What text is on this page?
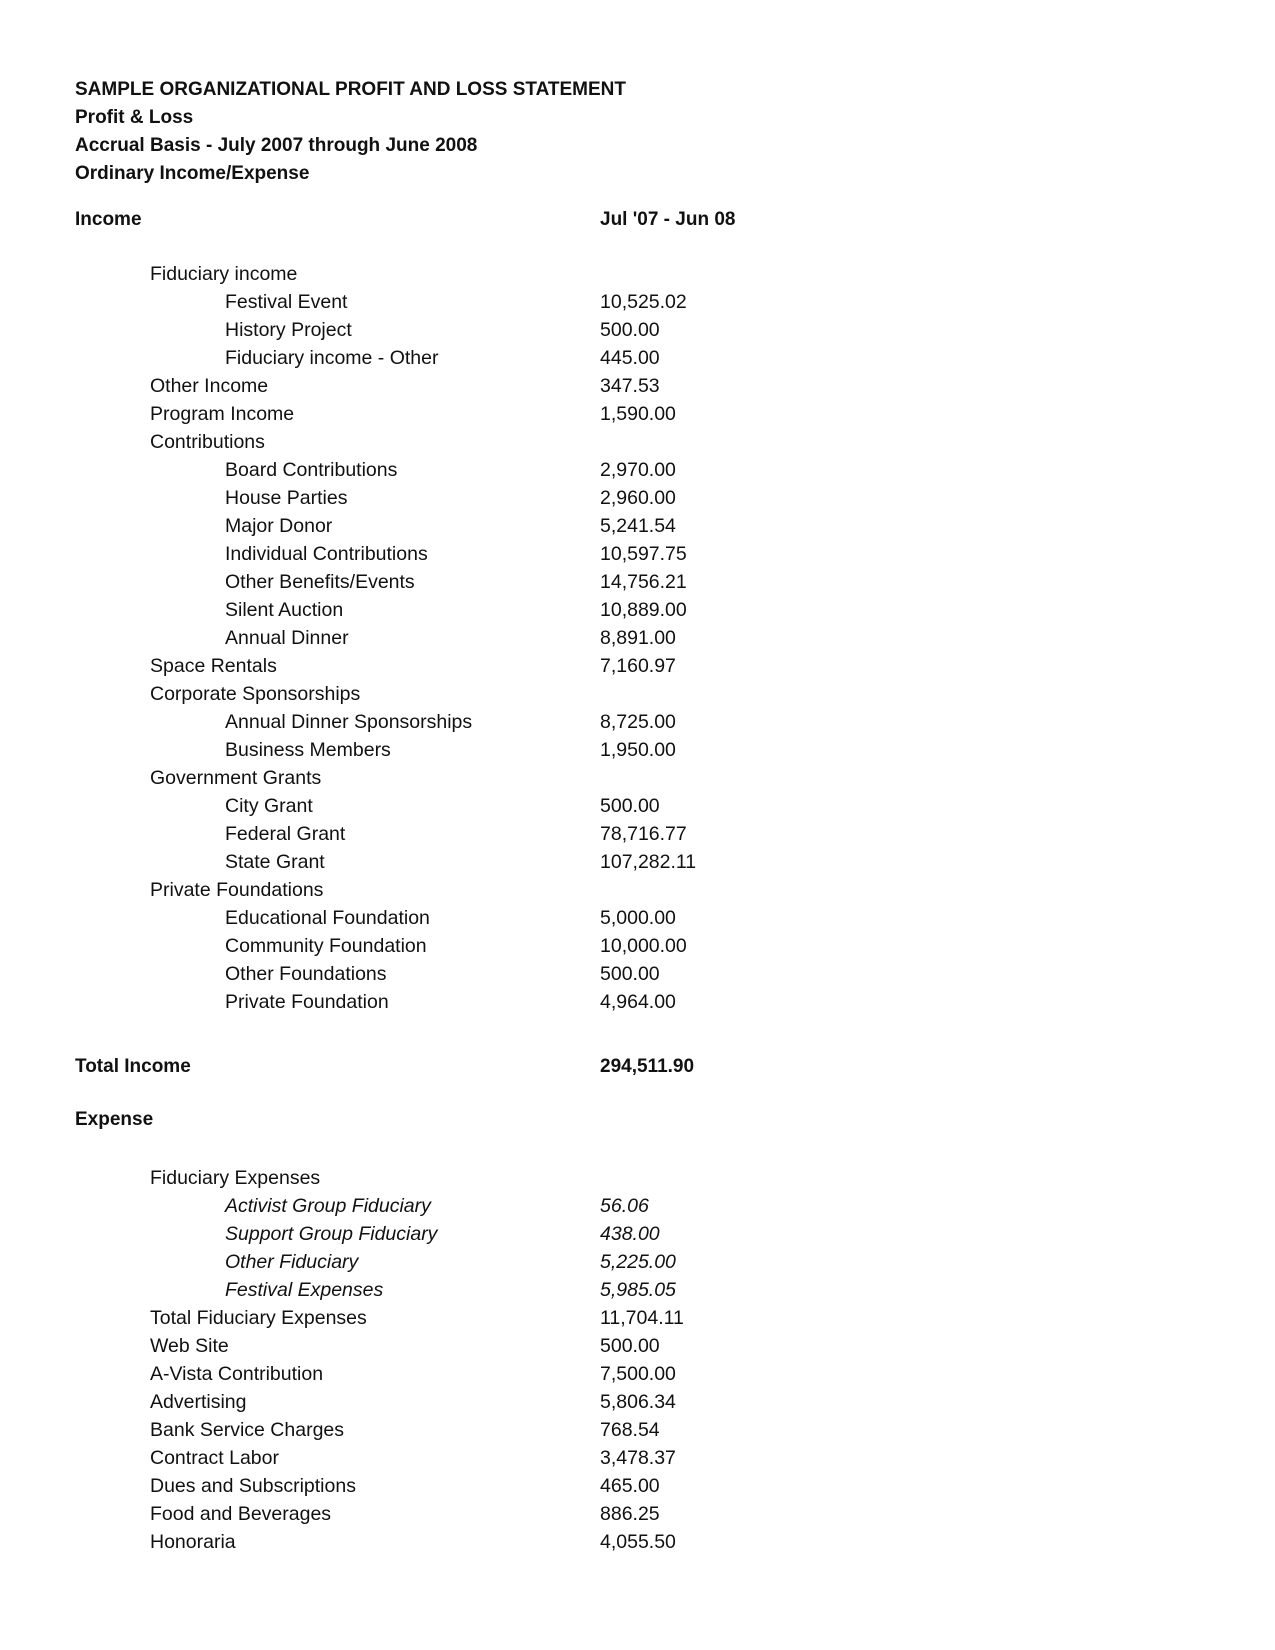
SAMPLE ORGANIZATIONAL PROFIT AND LOSS STATEMENT
Profit & Loss
Accrual Basis - July 2007 through June 2008
Ordinary Income/Expense
Income	Jul '07 - Jun 08
Fiduciary income
Festival Event	10,525.02
History Project	500.00
Fiduciary income - Other	445.00
Other Income	347.53
Program Income	1,590.00
Contributions
Board Contributions	2,970.00
House Parties	2,960.00
Major Donor	5,241.54
Individual Contributions	10,597.75
Other Benefits/Events	14,756.21
Silent Auction	10,889.00
Annual Dinner	8,891.00
Space Rentals	7,160.97
Corporate Sponsorships
Annual Dinner Sponsorships	8,725.00
Business Members	1,950.00
Government Grants
City Grant	500.00
Federal Grant	78,716.77
State Grant	107,282.11
Private Foundations
Educational Foundation	5,000.00
Community Foundation	10,000.00
Other Foundations	500.00
Private Foundation	4,964.00
Total Income	294,511.90
Expense
Fiduciary Expenses
Activist Group Fiduciary	56.06
Support Group Fiduciary	438.00
Other Fiduciary	5,225.00
Festival Expenses	5,985.05
Total Fiduciary Expenses	11,704.11
Web Site	500.00
A-Vista Contribution	7,500.00
Advertising	5,806.34
Bank Service Charges	768.54
Contract Labor	3,478.37
Dues and Subscriptions	465.00
Food and Beverages	886.25
Honoraria	4,055.50
